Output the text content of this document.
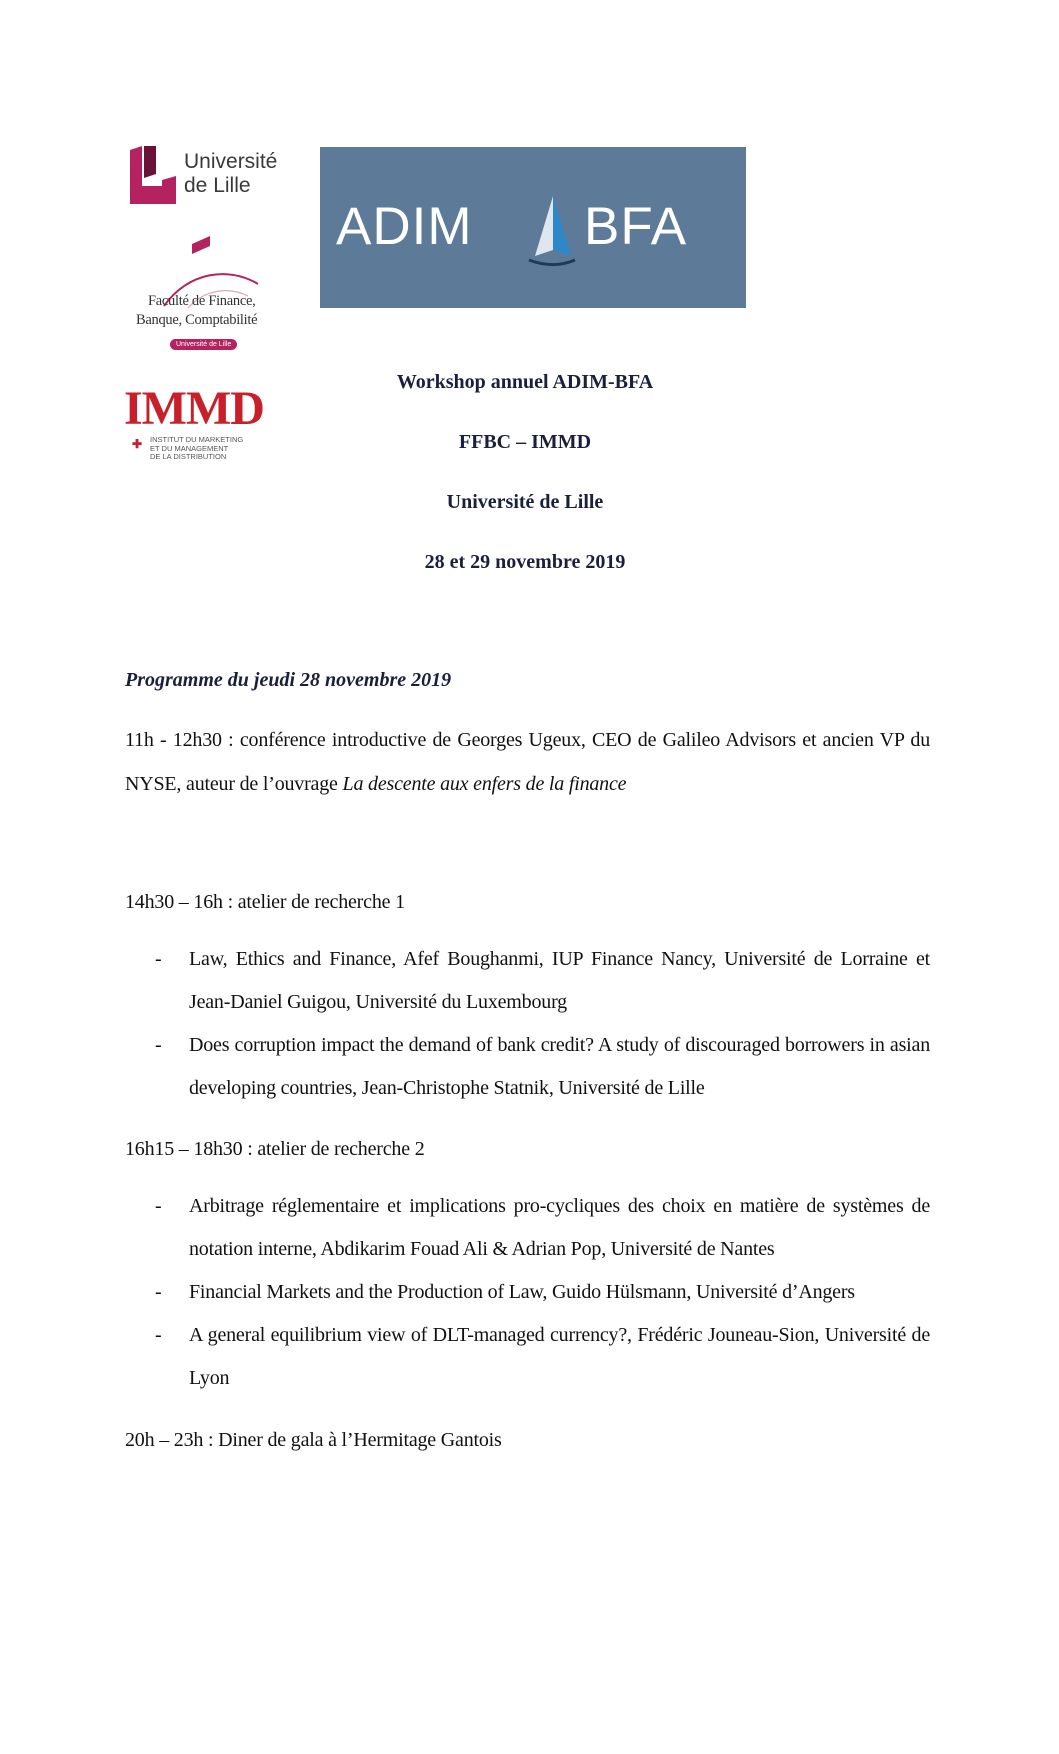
Université
de Lille
Faculté de Finance,
Banque, Comptabilité
Université de Lille
IMMD
✚ INSTITUT DU MARKETING
ET DU MANAGEMENT
DE LA DISTRIBUTION
ADIM BFA
Workshop annuel ADIM-BFA
FFBC – IMMD
Université de Lille
28 et 29 novembre 2019
Programme du jeudi 28 novembre 2019
11h - 12h30 : conférence introductive de Georges Ugeux, CEO de Galileo Advisors et ancien VP du NYSE, auteur de l’ouvrage La descente aux enfers de la finance
14h30 – 16h : atelier de recherche 1
- Law, Ethics and Finance, Afef Boughanmi, IUP Finance Nancy, Université de Lorraine et Jean-Daniel Guigou, Université du Luxembourg
- Does corruption impact the demand of bank credit? A study of discouraged borrowers in asian developing countries, Jean-Christophe Statnik, Université de Lille
16h15 – 18h30 : atelier de recherche 2
- Arbitrage réglementaire et implications pro-cycliques des choix en matière de systèmes de notation interne, Abdikarim Fouad Ali & Adrian Pop, Université de Nantes
- Financial Markets and the Production of Law, Guido Hülsmann, Université d’Angers
- A general equilibrium view of DLT-managed currency?, Frédéric Jouneau-Sion, Université de Lyon
20h – 23h : Diner de gala à l’Hermitage Gantois
